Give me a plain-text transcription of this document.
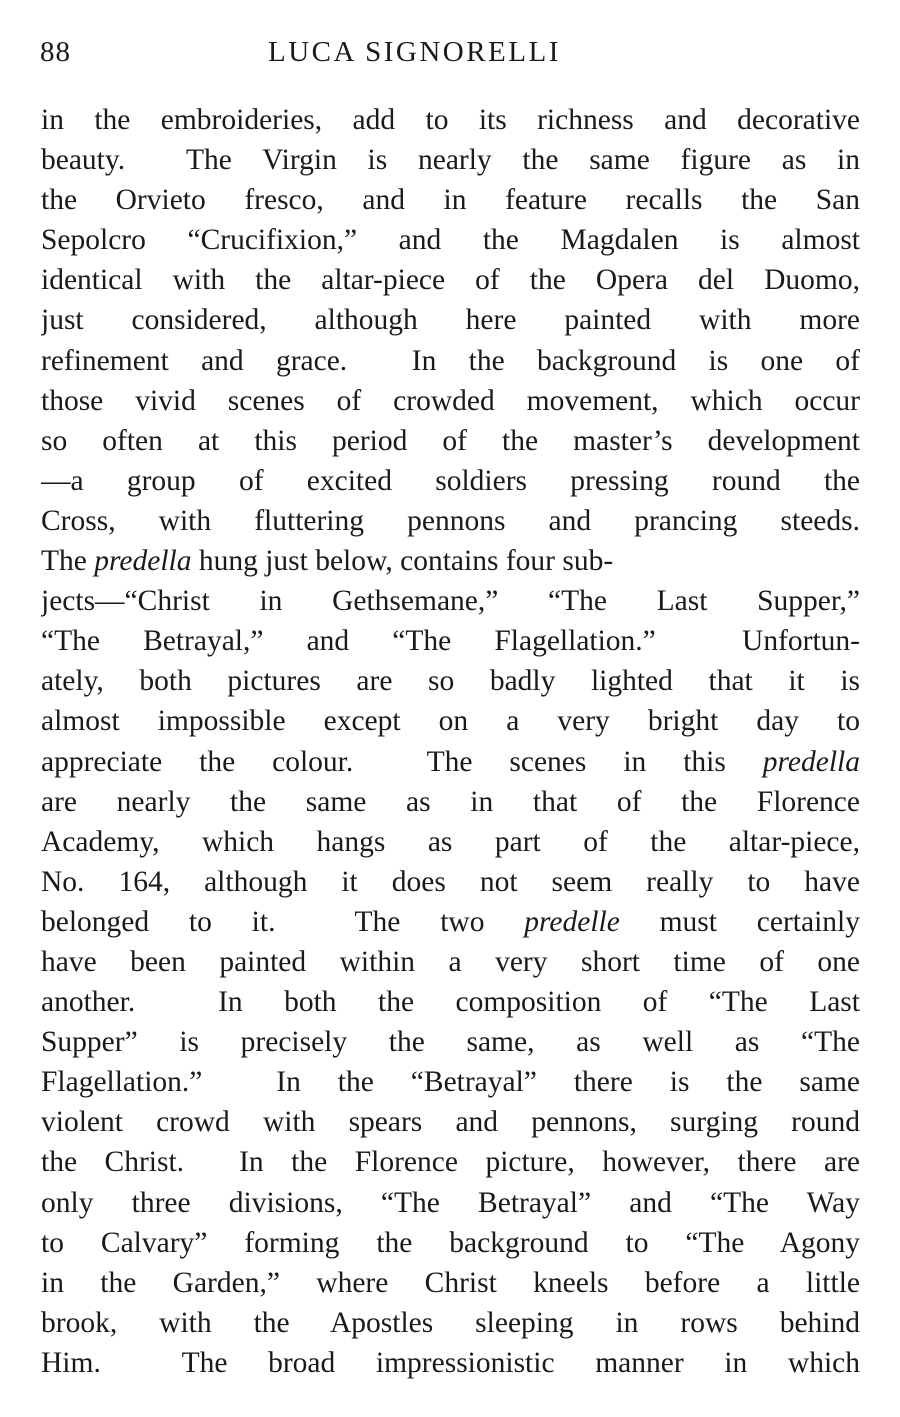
88	LUCA SIGNORELLI
in the embroideries, add to its richness and decorative
beauty.  The Virgin is nearly the same figure as in
the Orvieto fresco, and in feature recalls the San
Sepolcro “Crucifixion,” and the Magdalen is almost
identical with the altar-piece of the Opera del Duomo,
just considered, although here painted with more
refinement and grace.  In the background is one of
those vivid scenes of crowded movement, which occur
so often at this period of the master’s development
—a group of excited soldiers pressing round the
Cross, with fluttering pennons and prancing steeds.
The predella hung just below, contains four sub-
jects—“Christ in Gethsemane,” “The Last Supper,”
“The Betrayal,” and “The Flagellation.”  Unfortun-
ately, both pictures are so badly lighted that it is
almost impossible except on a very bright day to
appreciate the colour.  The scenes in this predella
are nearly the same as in that of the Florence
Academy, which hangs as part of the altar-piece,
No. 164, although it does not seem really to have
belonged to it.  The two predelle must certainly
have been painted within a very short time of one
another.  In both the composition of “The Last
Supper” is precisely the same, as well as “The
Flagellation.”  In the “Betrayal” there is the same
violent crowd with spears and pennons, surging round
the Christ.  In the Florence picture, however, there are
only three divisions, “The Betrayal” and “The Way
to Calvary” forming the background to “The Agony
in the Garden,” where Christ kneels before a little
brook, with the Apostles sleeping in rows behind
Him.  The broad impressionistic manner in which
